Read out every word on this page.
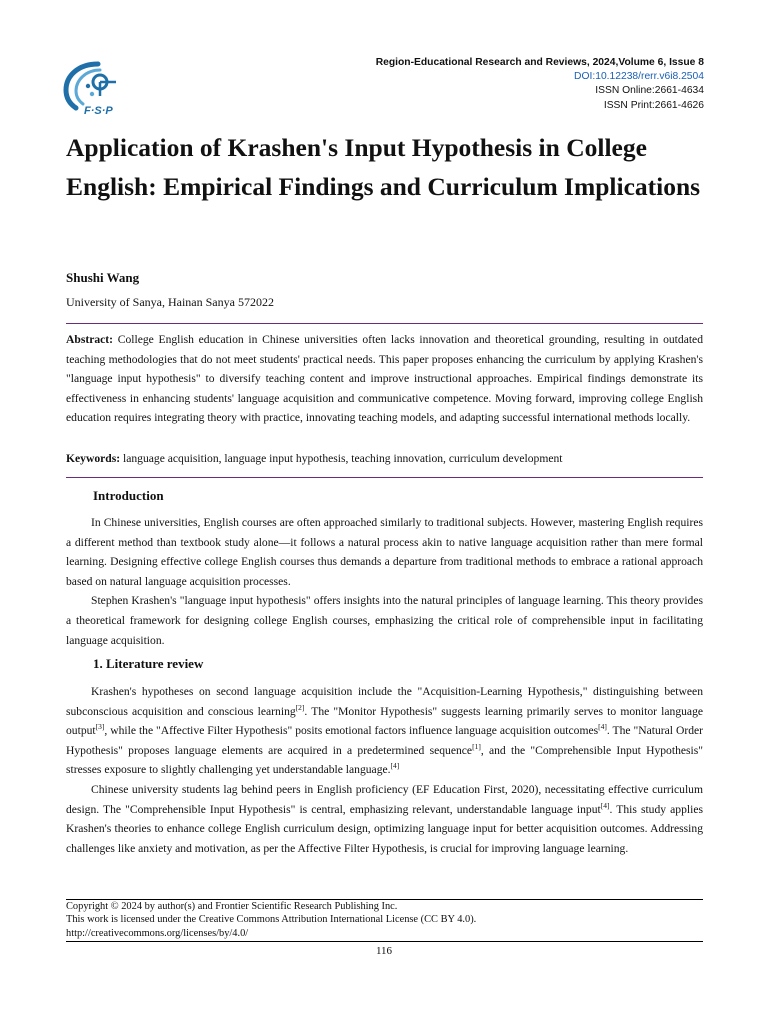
F·S·P
Region-Educational Research and Reviews, 2024,Volume 6, Issue 8
DOI:10.12238/rerr.v6i8.2504
ISSN Online:2661-4634
ISSN Print:2661-4626
Application of Krashen's Input Hypothesis in College English: Empirical Findings and Curriculum Implications

Shushi Wang

University of Sanya, Hainan Sanya 572022

Abstract: College English education in Chinese universities often lacks innovation and theoretical grounding, resulting in outdated teaching methodologies that do not meet students' practical needs. This paper proposes enhancing the curriculum by applying Krashen's "language input hypothesis" to diversify teaching content and improve instructional approaches. Empirical findings demonstrate its effectiveness in enhancing students' language acquisition and communicative competence. Moving forward, improving college English education requires integrating theory with practice, innovating teaching models, and adapting successful international methods locally.

Keywords: language acquisition, language input hypothesis, teaching innovation, curriculum development

Introduction

In Chinese universities, English courses are often approached similarly to traditional subjects. However, mastering English requires a different method than textbook study alone—it follows a natural process akin to native language acquisition rather than mere formal learning. Designing effective college English courses thus demands a departure from traditional methods to embrace a rational approach based on natural language acquisition processes.

Stephen Krashen's "language input hypothesis" offers insights into the natural principles of language learning. This theory provides a theoretical framework for designing college English courses, emphasizing the critical role of comprehensible input in facilitating language acquisition.

1. Literature review

Krashen's hypotheses on second language acquisition include the "Acquisition-Learning Hypothesis," distinguishing between subconscious acquisition and conscious learning[2]. The "Monitor Hypothesis" suggests learning primarily serves to monitor language output[3], while the "Affective Filter Hypothesis" posits emotional factors influence language acquisition outcomes[4]. The "Natural Order Hypothesis" proposes language elements are acquired in a predetermined sequence[1], and the "Comprehensible Input Hypothesis" stresses exposure to slightly challenging yet understandable language.[4]

Chinese university students lag behind peers in English proficiency (EF Education First, 2020), necessitating effective curriculum design. The "Comprehensible Input Hypothesis" is central, emphasizing relevant, understandable language input[4]. This study applies Krashen's theories to enhance college English curriculum design, optimizing language input for better acquisition outcomes. Addressing challenges like anxiety and motivation, as per the Affective Filter Hypothesis, is crucial for improving language learning.

Copyright © 2024 by author(s) and Frontier Scientific Research Publishing Inc.
This work is licensed under the Creative Commons Attribution International License (CC BY 4.0).
http://creativecommons.org/licenses/by/4.0/
116
